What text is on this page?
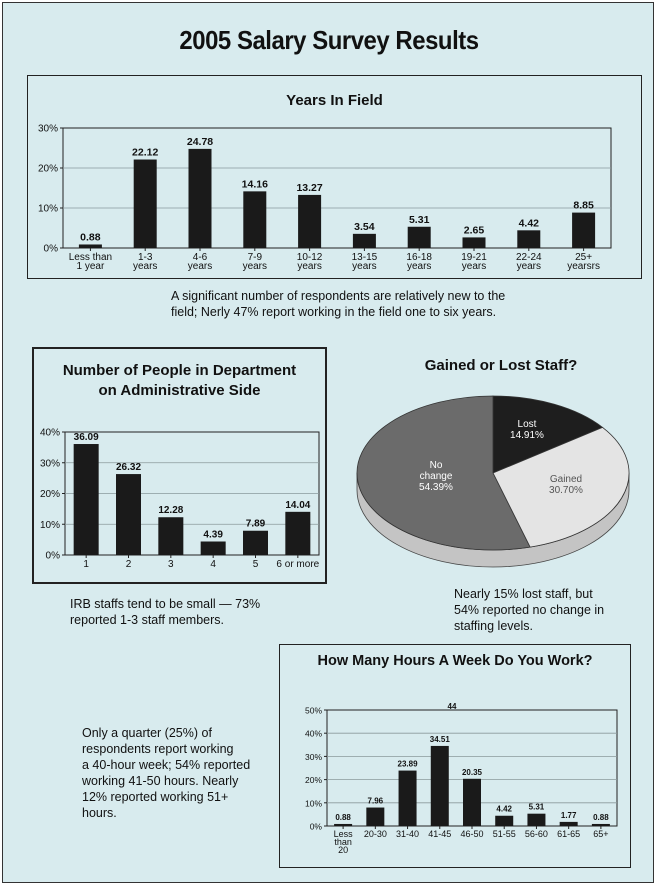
2005 Salary Survey Results
Years In Field
0%
10%
20%
30%
0.88
Less than
1 year
22.12
1-3
years
24.78
4-6
years
14.16
7-9
years
13.27
10-12
years
3.54
13-15
years
5.31
16-18
years
2.65
19-21
years
4.42
22-24
years
8.85
25+
yearsrs
A significant number of respondents are relatively new to the
field; Nerly 47% report working in the field one to six years.
Number of People in Department
on Administrative Side
0%
10%
20%
30%
40% 36.09
1
26.32
2
12.28
3
4.39
4
7.89
5
14.04
6 or more
IRB staffs tend to be small — 73%
reported 1-3 staff members.
Gained or Lost Staff?
Lost
14.91%
Gained
30.70%
No
change
54.39%
Nearly 15% lost staff, but
54% reported no change in
staffing levels.
How Many Hours A Week Do You Work?
0%
10%
20%
30%
40%
50%
0.88
Less
than
20
7.96
20-30
23.89
31-40
34.51
41-45
20.35
46-50
4.42
51-55
5.31
56-60
1.77
61-65
0.88
65+
44
Only a quarter (25%) of
respondents report working
a 40-hour week; 54% reported
working 41-50 hours. Nearly
12% reported working 51+
hours.
